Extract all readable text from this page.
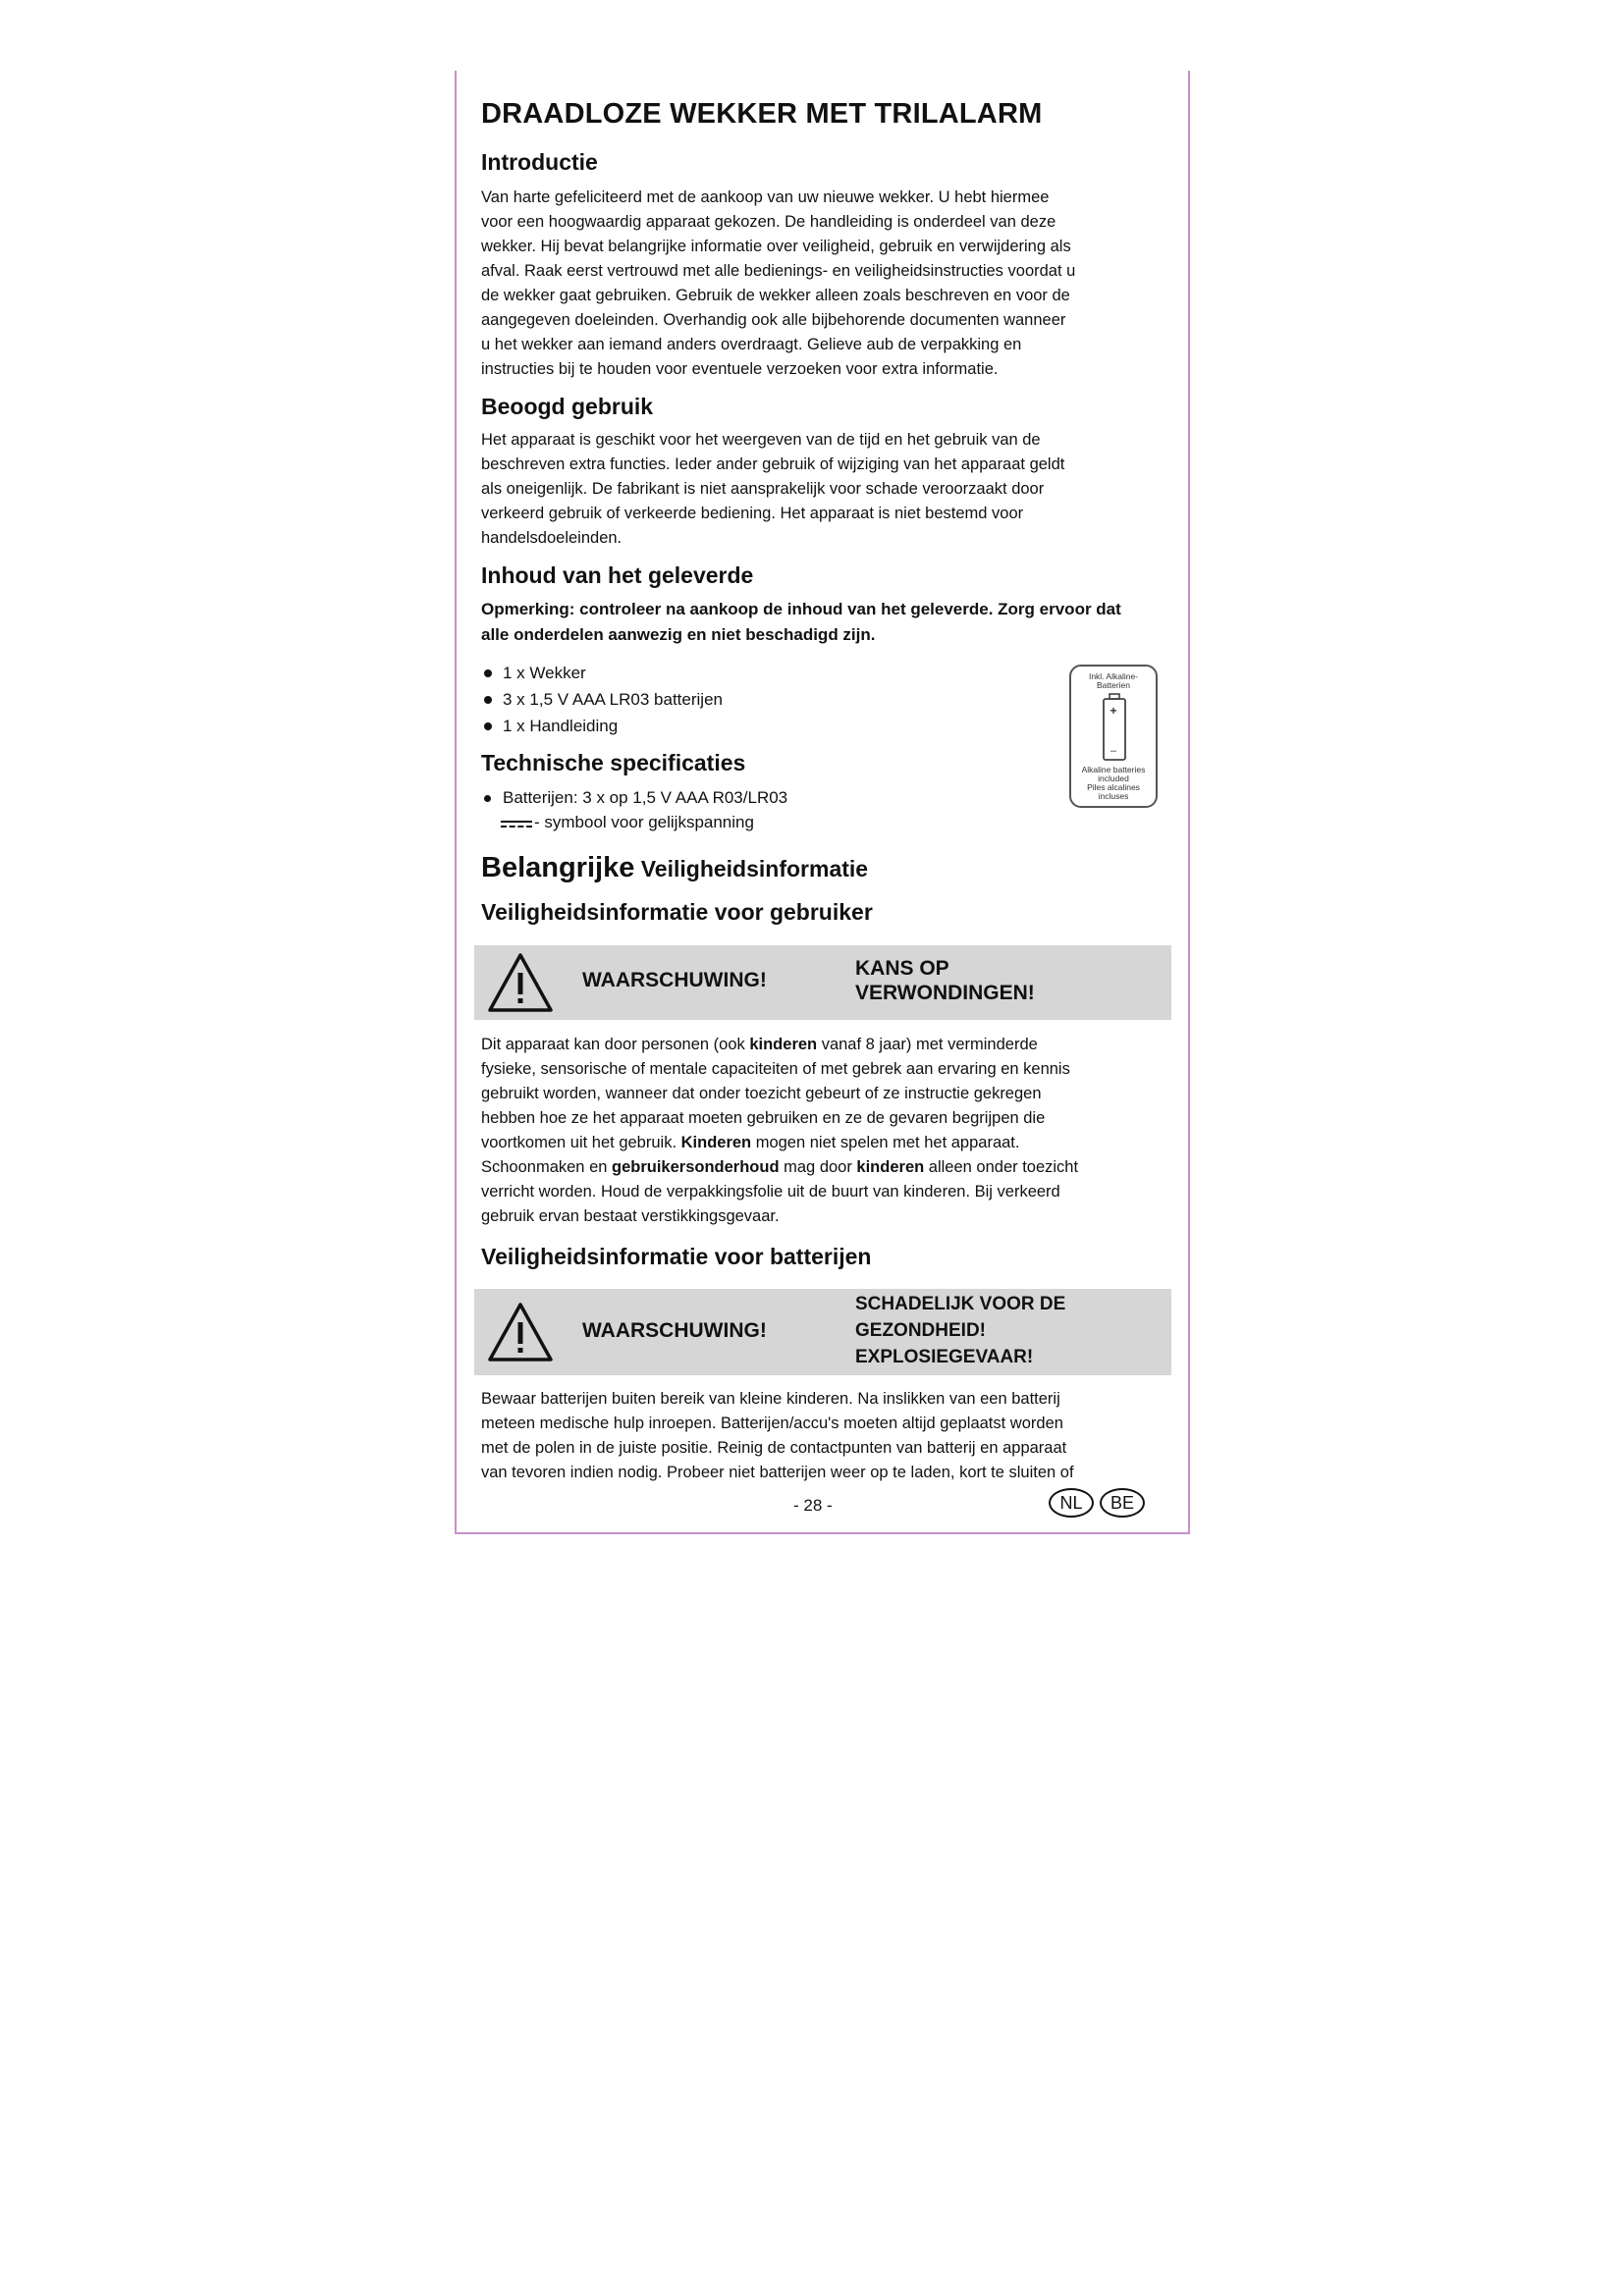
DRAADLOZE WEKKER MET TRILALARM
Introductie
Van harte gefeliciteerd met de aankoop van uw nieuwe wekker. U hebt hiermee
voor een hoogwaardig apparaat gekozen. De handleiding is onderdeel van deze
wekker. Hij bevat belangrijke informatie over veiligheid, gebruik en verwijdering als
afval. Raak eerst vertrouwd met alle bedienings- en veiligheidsinstructies voordat u
de wekker gaat gebruiken. Gebruik de wekker alleen zoals beschreven en voor de
aangegeven doeleinden. Overhandig ook alle bijbehorende documenten wanneer
u het wekker aan iemand anders overdraagt. Gelieve aub de verpakking en
instructies bij te houden voor eventuele verzoeken voor extra informatie.
Beoogd gebruik
Het apparaat is geschikt voor het weergeven van de tijd en het gebruik van de
beschreven extra functies. Ieder ander gebruik of wijziging van het apparaat geldt
als oneigenlijk. De fabrikant is niet aansprakelijk voor schade veroorzaakt door
verkeerd gebruik of verkeerde bediening. Het apparaat is niet bestemd voor
handelsdoeleinden.
Inhoud van het geleverde
Opmerking: controleer na aankoop de inhoud van het geleverde. Zorg ervoor dat
alle onderdelen aanwezig en niet beschadigd zijn.
1 x Wekker
3 x 1,5 V AAA LR03 batterijen
1 x Handleiding
Inkl. Alkaline-
Batterien
+
–
Alkaline batteries
included
Piles alcalines
incluses
Technische specificaties
Batterijen: 3 x op 1,5 V AAA R03/LR03
- symbool voor gelijkspanning
Belangrijke Veiligheidsinformatie
Veiligheidsinformatie voor gebruiker
WAARSCHUWING!
KANS OP
VERWONDINGEN!
Dit apparaat kan door personen (ook kinderen vanaf 8 jaar) met verminderde
fysieke, sensorische of mentale capaciteiten of met gebrek aan ervaring en kennis
gebruikt worden, wanneer dat onder toezicht gebeurt of ze instructie gekregen
hebben hoe ze het apparaat moeten gebruiken en ze de gevaren begrijpen die
voortkomen uit het gebruik. Kinderen mogen niet spelen met het apparaat.
Schoonmaken en gebruikersonderhoud mag door kinderen alleen onder toezicht
verricht worden. Houd de verpakkingsfolie uit de buurt van kinderen. Bij verkeerd
gebruik ervan bestaat verstikkingsgevaar.
Veiligheidsinformatie voor batterijen
WAARSCHUWING!
SCHADELIJK VOOR DE
GEZONDHEID!
EXPLOSIEGEVAAR!
Bewaar batterijen buiten bereik van kleine kinderen. Na inslikken van een batterij
meteen medische hulp inroepen. Batterijen/accu's moeten altijd geplaatst worden
met de polen in de juiste positie. Reinig de contactpunten van batterij en apparaat
van tevoren indien nodig. Probeer niet batterijen weer op te laden, kort te sluiten of
- 28 -	NL	BE
